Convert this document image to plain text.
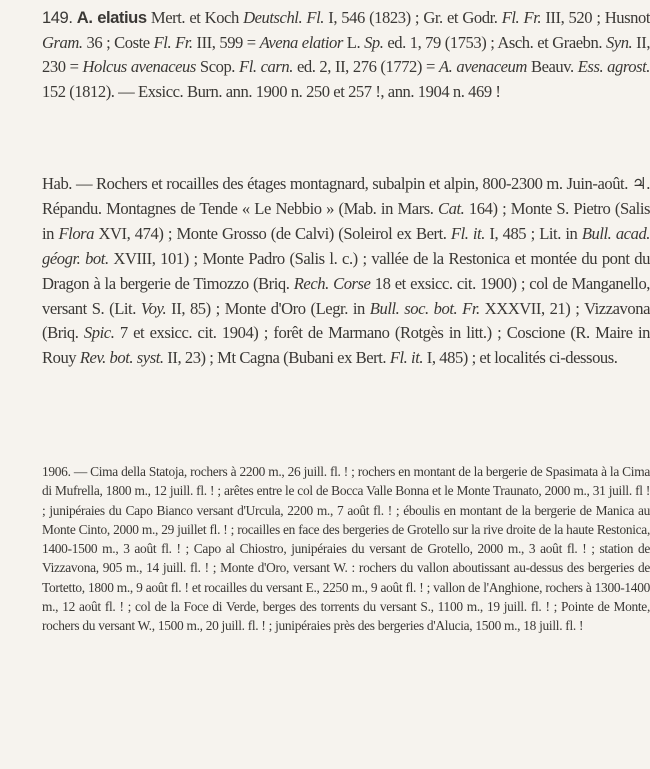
149. A. elatius Mert. et Koch Deutschl. Fl. I, 546 (1823) ; Gr. et Godr. Fl. Fr. III, 520 ; Husnot Gram. 36 ; Coste Fl. Fr. III, 599 = Avena elatior L. Sp. ed. 1, 79 (1753) ; Asch. et Graebn. Syn. II, 230 = Holcus avenaceus Scop. Fl. carn. ed. 2, II, 276 (1772) = A. avenaceum Beauv. Ess. agrost. 152 (1812). — Exsicc. Burn. ann. 1900 n. 250 et 257 !, ann. 1904 n. 469 !

Hab. — Rochers et rocailles des étages montagnard, subalpin et alpin, 800-2300 m. Juin-août. ♃. Répandu. Montagnes de Tende « Le Nebbio » (Mab. in Mars. Cat. 164) ; Monte S. Pietro (Salis in Flora XVI, 474) ; Monte Grosso (de Calvi) (Soleirol ex Bert. Fl. it. I, 485 ; Lit. in Bull. acad. géogr. bot. XVIII, 101) ; Monte Padro (Salis l. c.) ; vallée de la Restonica et montée du pont du Dragon à la bergerie de Timozzo (Briq. Rech. Corse 18 et exsicc. cit. 1900) ; col de Manganello, versant S. (Lit. Voy. II, 85) ; Monte d'Oro (Legr. in Bull. soc. bot. Fr. XXXVII, 21) ; Vizzavona (Briq. Spic. 7 et exsicc. cit. 1904) ; forêt de Marmano (Rotgès in litt.) ; Coscione (R. Maire in Rouy Rev. bot. syst. II, 23) ; Mt Cagna (Bubani ex Bert. Fl. it. I, 485) ; et localités ci-dessous.

1906. — Cima della Statoja, rochers à 2200 m., 26 juill. fl. ! ; rochers en montant de la bergerie de Spasimata à la Cima di Mufrella, 1800 m., 12 juill. fl. ! ; arêtes entre le col de Bocca Valle Bonna et le Monte Traunato, 2000 m., 31 juill. fl ! ; junipéraies du Capo Bianco versant d'Urcula, 2200 m., 7 août fl. ! ; éboulis en montant de la bergerie de Manica au Monte Cinto, 2000 m., 29 juillet fl. ! ; rocailles en face des bergeries de Grotello sur la rive droite de la haute Restonica, 1400-1500 m., 3 août fl. ! ; Capo al Chiostro, junipéraies du versant de Grotello, 2000 m., 3 août fl. ! ; station de Vizzavona, 905 m., 14 juill. fl. ! ; Monte d'Oro, versant W. : rochers du vallon aboutissant au-dessus des bergeries de Tortetto, 1800 m., 9 août fl. ! et rocailles du versant E., 2250 m., 9 août fl. ! ; vallon de l'Anghione, rochers à 1300-1400 m., 12 août fl. ! ; col de la Foce di Verde, berges des torrents du versant S., 1100 m., 19 juill. fl. ! ; Pointe de Monte, rochers du versant W., 1500 m., 20 juill. fl. ! ; junipéraies près des bergeries d'Alucia, 1500 m., 18 juill. fl. !
